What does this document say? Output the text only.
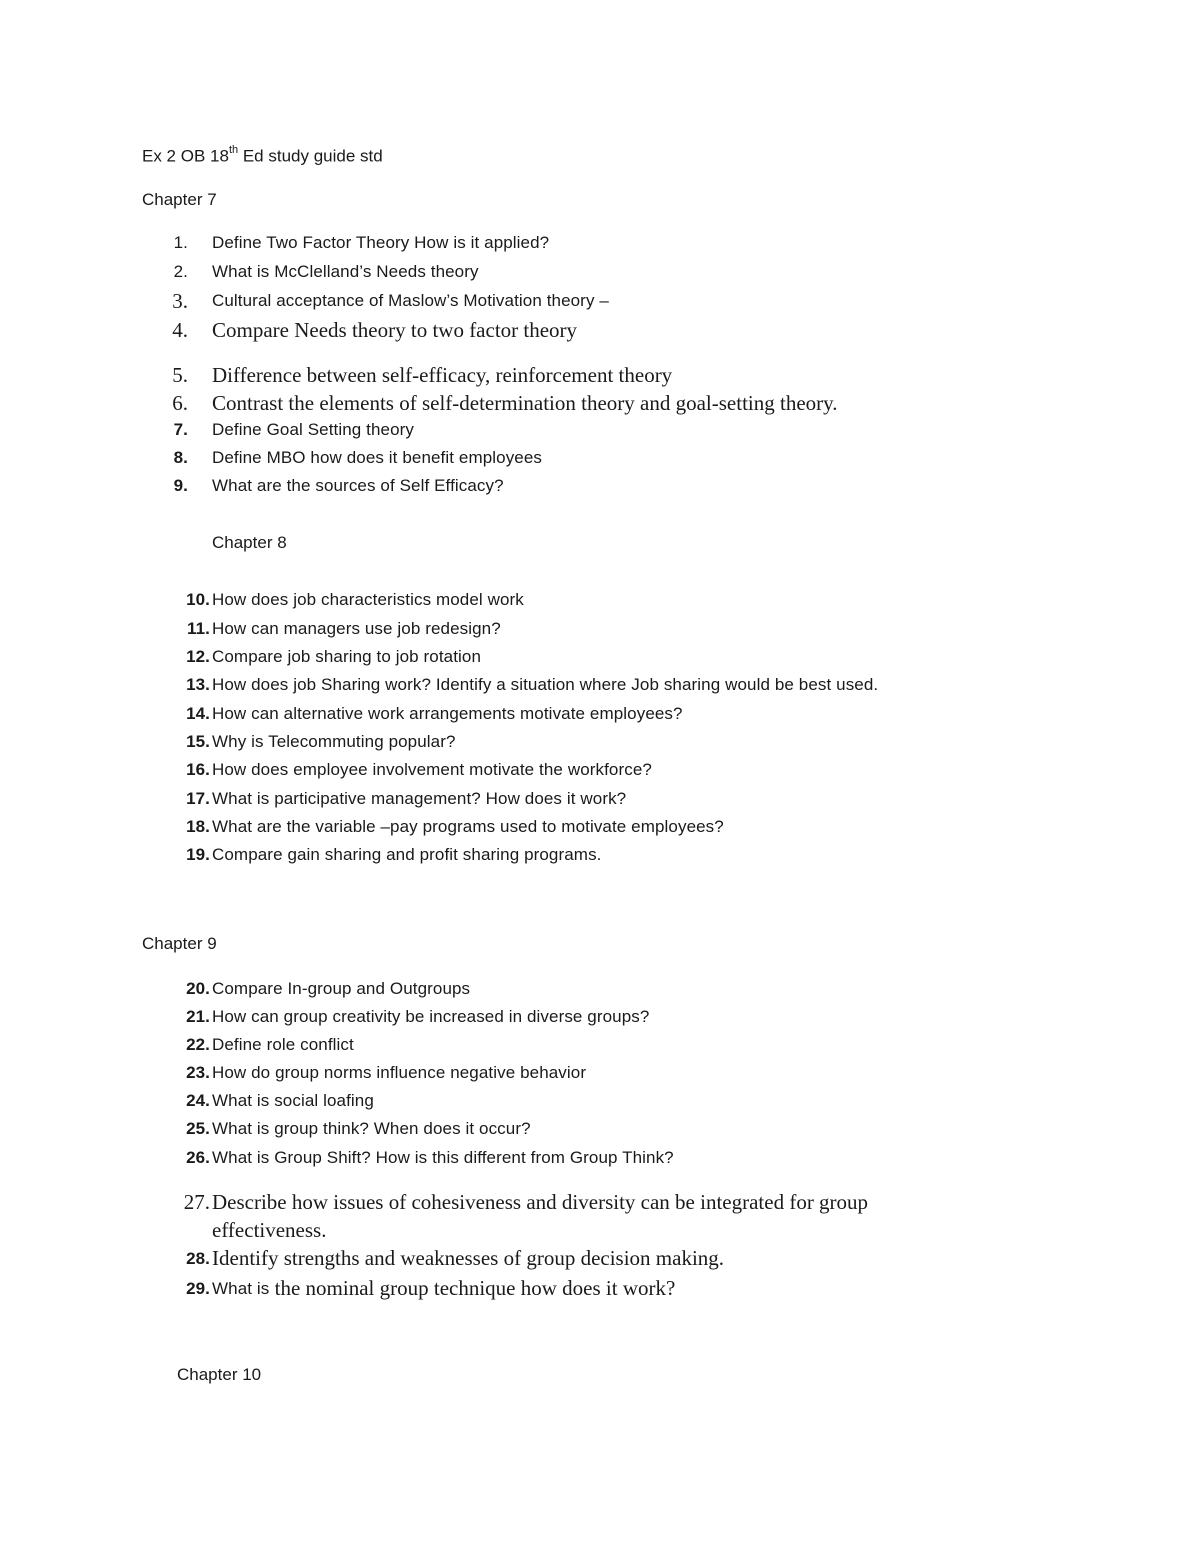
Ex 2 OB 18th Ed study guide std
Chapter 7
1. Define Two Factor Theory How is it applied?
2. What is McClelland’s Needs theory
3. Cultural acceptance of Maslow’s Motivation theory –
4. Compare Needs theory to two factor theory
5. Difference between self-efficacy, reinforcement theory
6. Contrast the elements of self-determination theory and goal-setting theory.
7. Define Goal Setting theory
8. Define MBO how does it benefit employees
9. What are the sources of Self Efficacy?
Chapter 8
10. How does job characteristics model work
11. How can managers use job redesign?
12. Compare job sharing to job rotation
13. How does job Sharing work? Identify a situation where Job sharing would be best used.
14. How can alternative work arrangements motivate employees?
15. Why is Telecommuting popular?
16. How does employee involvement motivate the workforce?
17. What is participative management? How does it work?
18. What are the variable –pay programs used to motivate employees?
19. Compare gain sharing and profit sharing programs.
Chapter 9
20. Compare In-group and Outgroups
21. How can group creativity be increased in diverse groups?
22. Define role conflict
23. How do group norms influence negative behavior
24. What is social loafing
25. What is group think? When does it occur?
26. What is Group Shift? How is this different from Group Think?
27. Describe how issues of cohesiveness and diversity can be integrated for group
effectiveness.
28. Identify strengths and weaknesses of group decision making.
29. What is the nominal group technique how does it work?
Chapter 10
